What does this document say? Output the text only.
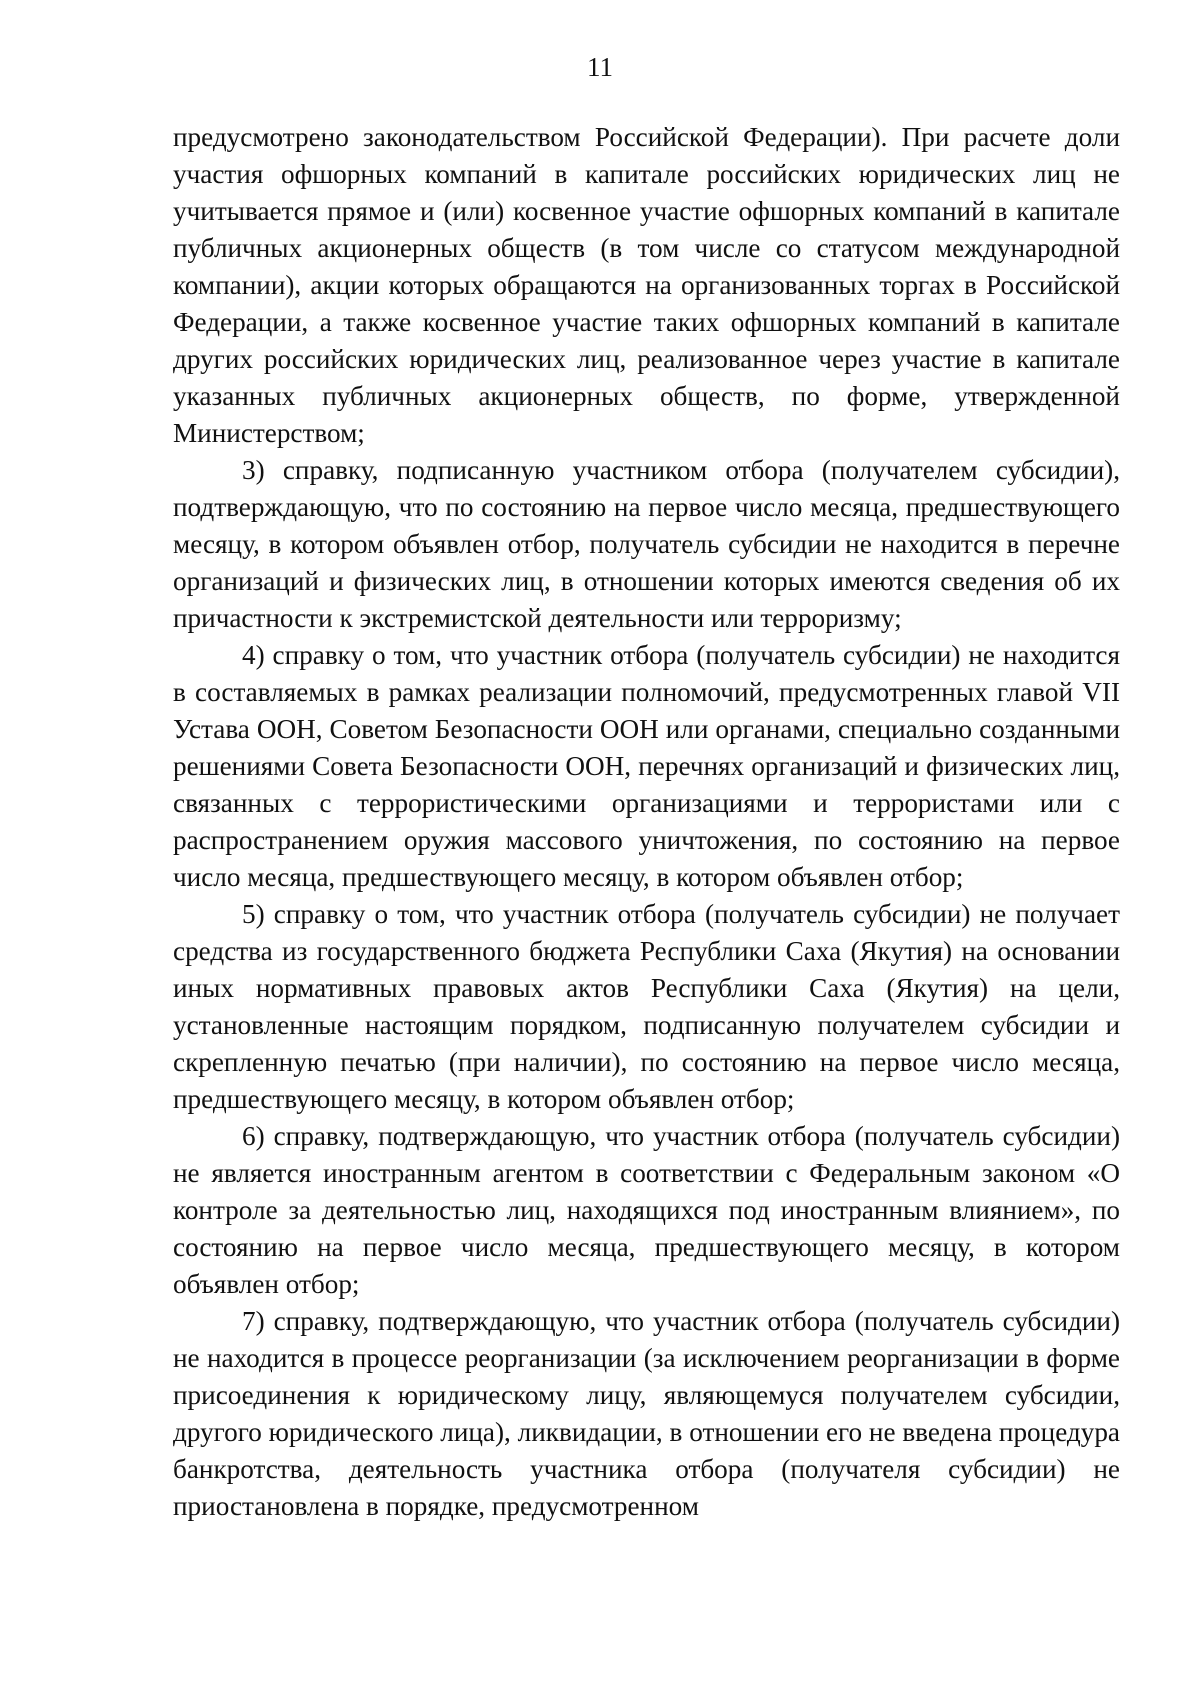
11

предусмотрено законодательством Российской Федерации). При расчете доли участия офшорных компаний в капитале российских юридических лиц не учитывается прямое и (или) косвенное участие офшорных компаний в капитале публичных акционерных обществ (в том числе со статусом международной компании), акции которых обращаются на организованных торгах в Российской Федерации, а также косвенное участие таких офшорных компаний в капитале других российских юридических лиц, реализованное через участие в капитале указанных публичных акционерных обществ, по форме, утвержденной Министерством;

3) справку, подписанную участником отбора (получателем субсидии), подтверждающую, что по состоянию на первое число месяца, предшествующего месяцу, в котором объявлен отбор, получатель субсидии не находится в перечне организаций и физических лиц, в отношении которых имеются сведения об их причастности к экстремистской деятельности или терроризму;

4) справку о том, что участник отбора (получатель субсидии) не находится в составляемых в рамках реализации полномочий, предусмотренных главой VII Устава ООН, Советом Безопасности ООН или органами, специально созданными решениями Совета Безопасности ООН, перечнях организаций и физических лиц, связанных с террористическими организациями и террористами или с распространением оружия массового уничтожения, по состоянию на первое число месяца, предшествующего месяцу, в котором объявлен отбор;

5) справку о том, что участник отбора (получатель субсидии) не получает средства из государственного бюджета Республики Саха (Якутия) на основании иных нормативных правовых актов Республики Саха (Якутия) на цели, установленные настоящим порядком, подписанную получателем субсидии и скрепленную печатью (при наличии), по состоянию на первое число месяца, предшествующего месяцу, в котором объявлен отбор;

6) справку, подтверждающую, что участник отбора (получатель субсидии) не является иностранным агентом в соответствии с Федеральным законом «О контроле за деятельностью лиц, находящихся под иностранным влиянием», по состоянию на первое число месяца, предшествующего месяцу, в котором объявлен отбор;

7) справку, подтверждающую, что участник отбора (получатель субсидии) не находится в процессе реорганизации (за исключением реорганизации в форме присоединения к юридическому лицу, являющемуся получателем субсидии, другого юридического лица), ликвидации, в отношении его не введена процедура банкротства, деятельность участника отбора (получателя субсидии) не приостановлена в порядке, предусмотренном
